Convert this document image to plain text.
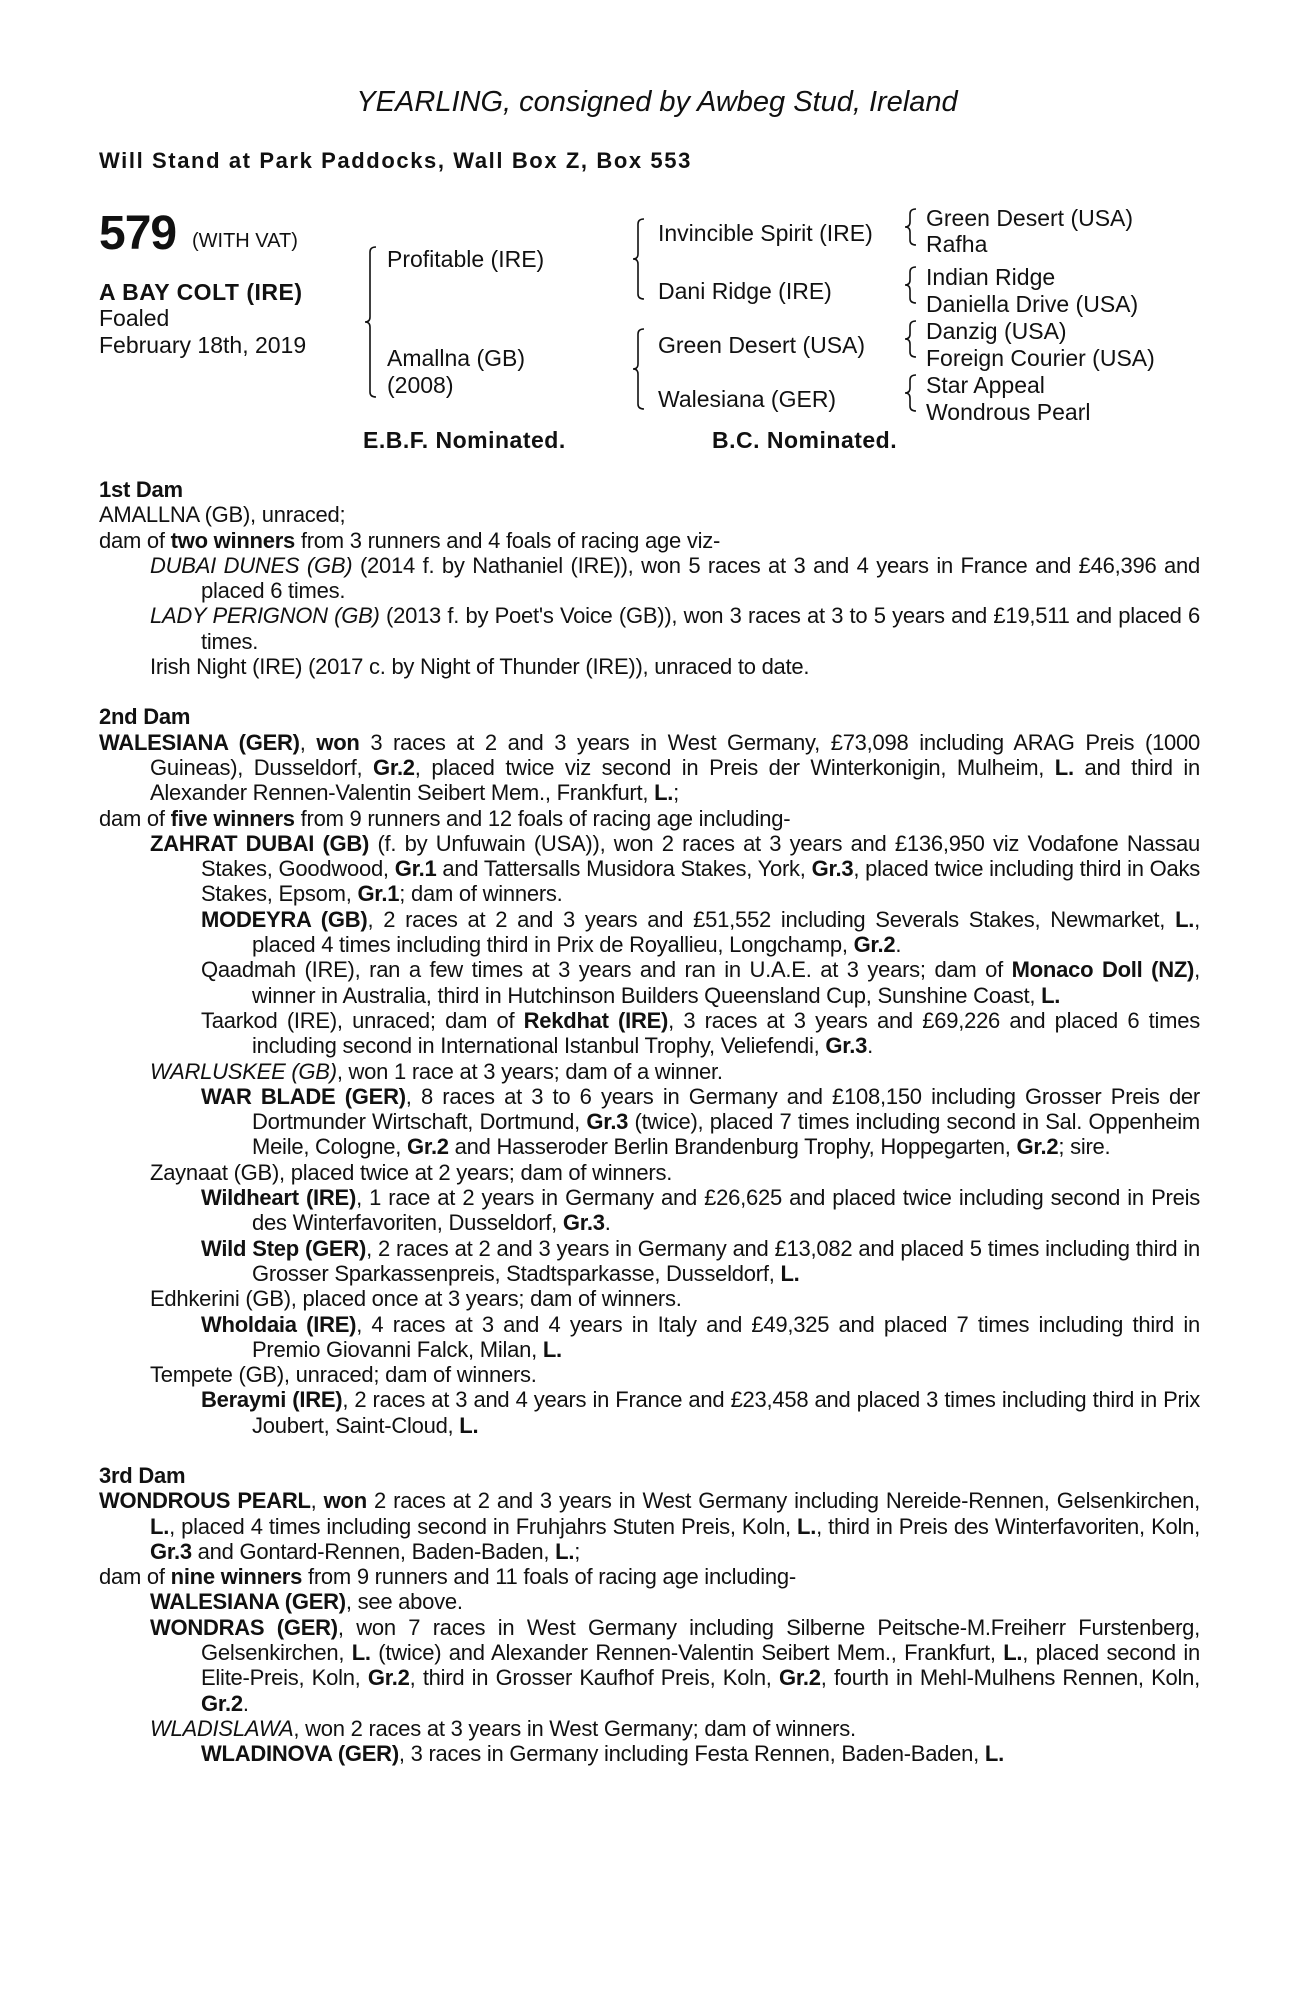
YEARLING, consigned by Awbeg Stud, Ireland
Will Stand at Park Paddocks, Wall Box Z, Box 553
579 (WITH VAT)
A BAY COLT (IRE)
Foaled
February 18th, 2019
Profitable (IRE)
Amallna (GB)
(2008)
Invincible Spirit (IRE)
Dani Ridge (IRE)
Green Desert (USA)
Walesiana (GER)
Green Desert (USA)
Rafha
Indian Ridge
Daniella Drive (USA)
Danzig (USA)
Foreign Courier (USA)
Star Appeal
Wondrous Pearl
E.B.F. Nominated.	B.C. Nominated.
1st Dam
AMALLNA (GB), unraced;
dam of two winners from 3 runners and 4 foals of racing age viz-
DUBAI DUNES (GB) (2014 f. by Nathaniel (IRE)), won 5 races at 3 and 4 years in France and £46,396 and placed 6 times.
LADY PERIGNON (GB) (2013 f. by Poet's Voice (GB)), won 3 races at 3 to 5 years and £19,511 and placed 6 times.
Irish Night (IRE) (2017 c. by Night of Thunder (IRE)), unraced to date.
2nd Dam
WALESIANA (GER), won 3 races at 2 and 3 years in West Germany, £73,098 including ARAG Preis (1000 Guineas), Dusseldorf, Gr.2, placed twice viz second in Preis der Winterkonigin, Mulheim, L. and third in Alexander Rennen-Valentin Seibert Mem., Frankfurt, L.;
dam of five winners from 9 runners and 12 foals of racing age including-
ZAHRAT DUBAI (GB) (f. by Unfuwain (USA)), won 2 races at 3 years and £136,950 viz Vodafone Nassau Stakes, Goodwood, Gr.1 and Tattersalls Musidora Stakes, York, Gr.3, placed twice including third in Oaks Stakes, Epsom, Gr.1; dam of winners.
MODEYRA (GB), 2 races at 2 and 3 years and £51,552 including Severals Stakes, Newmarket, L., placed 4 times including third in Prix de Royallieu, Longchamp, Gr.2.
Qaadmah (IRE), ran a few times at 3 years and ran in U.A.E. at 3 years; dam of Monaco Doll (NZ), winner in Australia, third in Hutchinson Builders Queensland Cup, Sunshine Coast, L.
Taarkod (IRE), unraced; dam of Rekdhat (IRE), 3 races at 3 years and £69,226 and placed 6 times including second in International Istanbul Trophy, Veliefendi, Gr.3.
WARLUSKEE (GB), won 1 race at 3 years; dam of a winner.
WAR BLADE (GER), 8 races at 3 to 6 years in Germany and £108,150 including Grosser Preis der Dortmunder Wirtschaft, Dortmund, Gr.3 (twice), placed 7 times including second in Sal. Oppenheim Meile, Cologne, Gr.2 and Hasseroder Berlin Brandenburg Trophy, Hoppegarten, Gr.2; sire.
Zaynaat (GB), placed twice at 2 years; dam of winners.
Wildheart (IRE), 1 race at 2 years in Germany and £26,625 and placed twice including second in Preis des Winterfavoriten, Dusseldorf, Gr.3.
Wild Step (GER), 2 races at 2 and 3 years in Germany and £13,082 and placed 5 times including third in Grosser Sparkassenpreis, Stadtsparkasse, Dusseldorf, L.
Edhkerini (GB), placed once at 3 years; dam of winners.
Wholdaia (IRE), 4 races at 3 and 4 years in Italy and £49,325 and placed 7 times including third in Premio Giovanni Falck, Milan, L.
Tempete (GB), unraced; dam of winners.
Beraymi (IRE), 2 races at 3 and 4 years in France and £23,458 and placed 3 times including third in Prix Joubert, Saint-Cloud, L.
3rd Dam
WONDROUS PEARL, won 2 races at 2 and 3 years in West Germany including Nereide-Rennen, Gelsenkirchen, L., placed 4 times including second in Fruhjahrs Stuten Preis, Koln, L., third in Preis des Winterfavoriten, Koln, Gr.3 and Gontard-Rennen, Baden-Baden, L.;
dam of nine winners from 9 runners and 11 foals of racing age including-
WALESIANA (GER), see above.
WONDRAS (GER), won 7 races in West Germany including Silberne Peitsche-M.Freiherr Furstenberg, Gelsenkirchen, L. (twice) and Alexander Rennen-Valentin Seibert Mem., Frankfurt, L., placed second in Elite-Preis, Koln, Gr.2, third in Grosser Kaufhof Preis, Koln, Gr.2, fourth in Mehl-Mulhens Rennen, Koln, Gr.2.
WLADISLAWA, won 2 races at 3 years in West Germany; dam of winners.
WLADINOVA (GER), 3 races in Germany including Festa Rennen, Baden-Baden, L.
